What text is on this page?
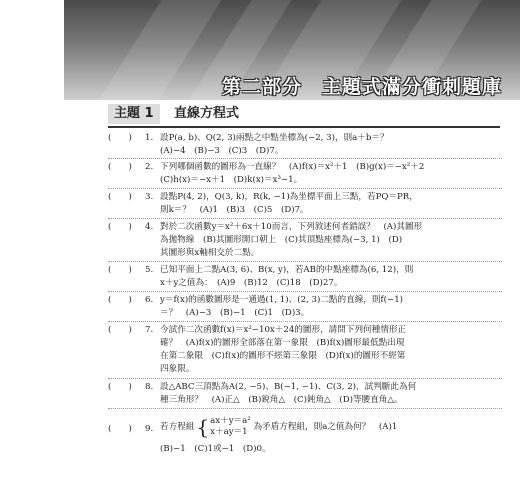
第二部分　主題式滿分衝刺題庫
主題 1	直線方程式
(　　)	1. 設P(a, b)、Q(2, 3)兩點之中點坐標為(−2, 3)，則a＋b＝？
(A)−4　(B)−3　(C)3　(D)7。
(　　)	2. 下列哪個函數的圖形為一直線？　(A)f(x)＝x²＋1　(B)g(x)＝−x²＋2
(C)h(x)＝−x＋1　(D)k(x)＝x³−1。
(　　)	3. 設點P(4, 2)，Q(3, k)，R(k, −1)為坐標平面上三點，若PQ＝PR，
則k＝？　(A)1　(B)3　(C)5　(D)7。
(　　)	4. 對於二次函數y＝x²＋6x＋10而言，下列敘述何者錯誤？　(A)其圖形
為拋物線　(B)其圖形開口朝上　(C)其頂點座標為(−3, 1)　(D)
其圖形與x軸相交於二點。
(　　)	5. 已知平面上二點A(3, 6)、B(x, y)，若AB的中點座標為(6, 12)，則
x＋y之值為：　(A)9　(B)12　(C)18　(D)27。
(　　)	6. y＝f(x)的函數圖形是一通過(1, 1)、(2, 3)二點的直線，則f(−1)
＝？　(A)−3　(B)−1　(C)1　(D)3。
(　　)	7. 今試作二次函數f(x)＝x²−10x＋24的圖形，請問下列何種情形正
確？　(A)f(x)的圖形全部落在第一象限　(B)f(x)圖形最低點出現
在第二象限　(C)f(x)的圖形不經第三象限　(D)f(x)的圖形不經第
四象限。
(　　)	8. 設△ABC三頂點為A(2, −5)、B(−1, −1)、C(3, 2)，試判斷此為何
種三角形？　(A)正△　(B)銳角△　(C)鈍角△　(D)等腰直角△。
(　　)	9. 若方程組 { ax＋y＝a²
x＋ay＝1 為矛盾方程組，則a之值為何？　(A)1
(B)−1　(C)1或−1　(D)0。
